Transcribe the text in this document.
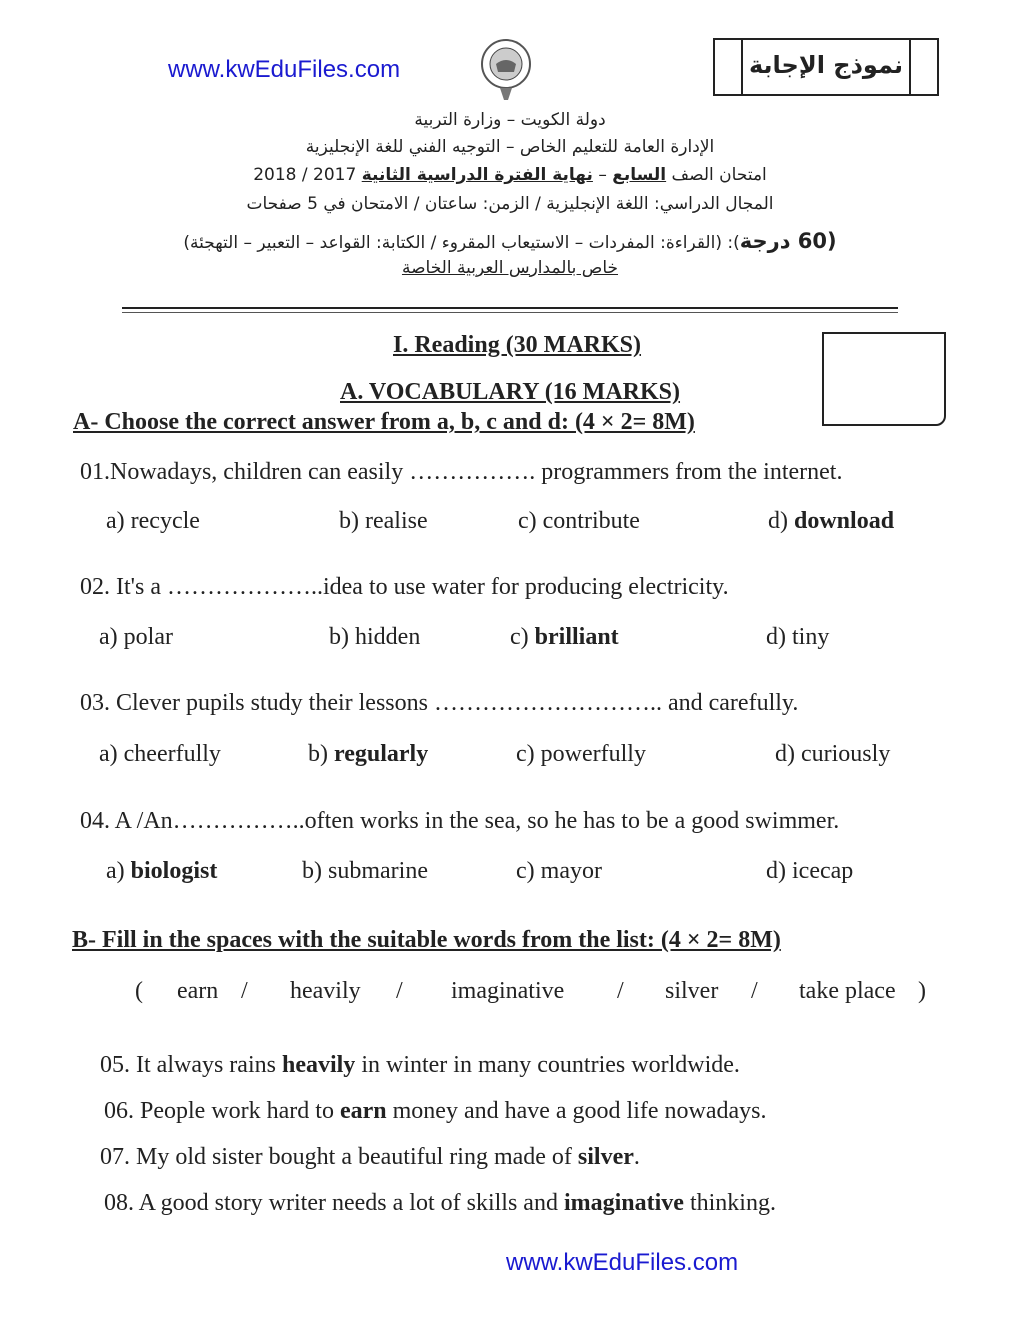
www.kwEduFiles.com	نموذج الإجابة
دولة الكويت – وزارة التربية
الإدارة العامة للتعليم الخاص – التوجيه الفني للغة الإنجليزية
امتحان الصف السابع – نهاية الفترة الدراسية الثانية 2017 / 2018
المجال الدراسي: اللغة الإنجليزية / الزمن: ساعتان / الامتحان في 5 صفحات
(60 درجة): (القراءة: المفردات – الاستيعاب المقروء / الكتابة: القواعد – التعبير – التهجئة)
خاص بالمدارس العربية الخاصة
I. Reading (30 MARKS)
A. VOCABULARY (16 MARKS)
A- Choose the correct answer from a, b, c and d: (4 × 2= 8M)
01.Nowadays, children can easily ……………. programmers from the internet.
a) recycle	b) realise	c) contribute	d) download
02. It's a ………………..idea to use water for producing electricity.
a) polar	b) hidden	c) brilliant	d) tiny
03. Clever pupils study their lessons ……………………….. and carefully.
a) cheerfully	b) regularly	c) powerfully	d) curiously
04. A /An……………..often works in the sea, so he has to be a good swimmer.
a) biologist	b) submarine	c) mayor	d) icecap
B- Fill in the spaces with the suitable words from the list: (4 × 2= 8M)
( earn / heavily / imaginative / silver / take place )
05. It always rains heavily in winter in many countries worldwide.
06. People work hard to earn money and have a good life nowadays.
07. My old sister bought a beautiful ring made of silver.
08. A good story writer needs a lot of skills and imaginative thinking.
www.kwEduFiles.com
